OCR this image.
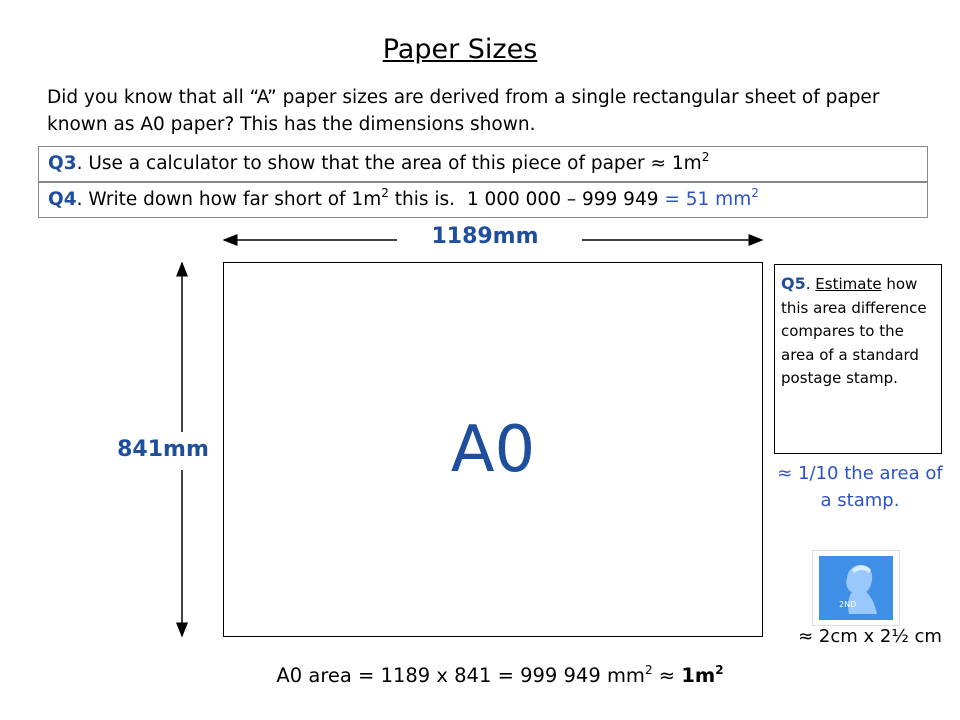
Paper Sizes
Did you know that all “A” paper sizes are derived from a single rectangular sheet of paper known as A0 paper? This has the dimensions shown.
Q3. Use a calculator to show that the area of this piece of paper ≈ $1m^2$
Q4. Write down how far short of $1m^2$ this is. 1 000 000 – 999 949 = 51 $mm^2$
1189mm
841mm	A0
Q5. Estimate how this area difference compares to the area of a standard postage stamp.
≈ 1/10 the area of a stamp.
2ND
≈ 2cm x 2½ cm
A0 area = 1189 x 841 = 999 949 $mm^2 \approx 1m^2$
